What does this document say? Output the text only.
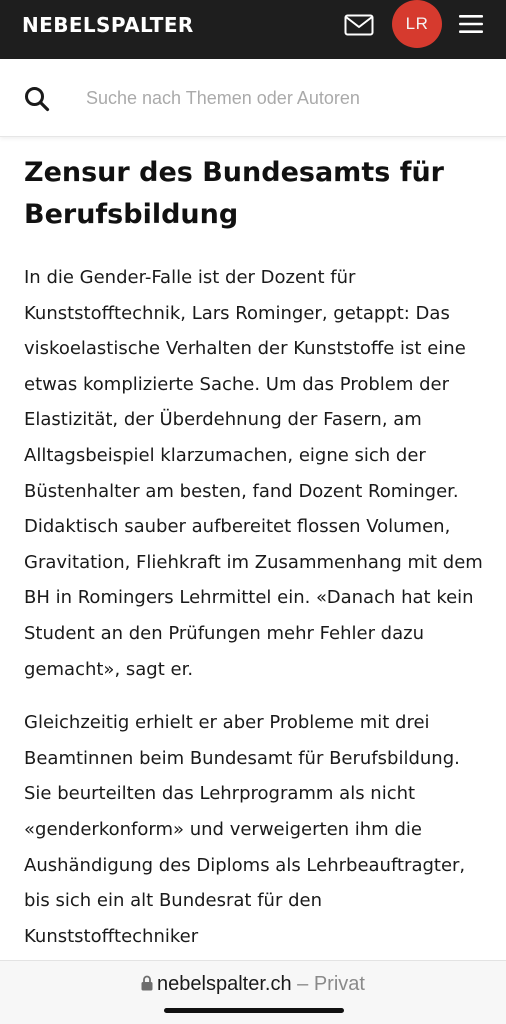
NEBELSPALTER	LR
Suche nach Themen oder Autoren
Zensur des Bundesamts für Berufsbildung

In die Gender-Falle ist der Dozent für Kunststofftechnik, Lars Rominger, getappt: Das viskoelastische Verhalten der Kunststoffe ist eine etwas komplizierte Sache. Um das Problem der Elastizität, der Überdehnung der Fasern, am Alltagsbeispiel klarzumachen, eigne sich der Büstenhalter am besten, fand Dozent Rominger. Didaktisch sauber aufbereitet flossen Volumen, Gravitation, Fliehkraft im Zusammenhang mit dem BH in Romingers Lehrmittel ein. «Danach hat kein Student an den Prüfungen mehr Fehler dazu gemacht», sagt er.

Gleichzeitig erhielt er aber Probleme mit drei Beamtinnen beim Bundesamt für Berufsbildung. Sie beurteilten das Lehrprogramm als nicht «genderkonform» und verweigerten ihm die Aushändigung des Diploms als Lehrbeauftragter, bis sich ein alt Bundesrat für den Kunststofftechniker

nebelspalter.ch – Privat
